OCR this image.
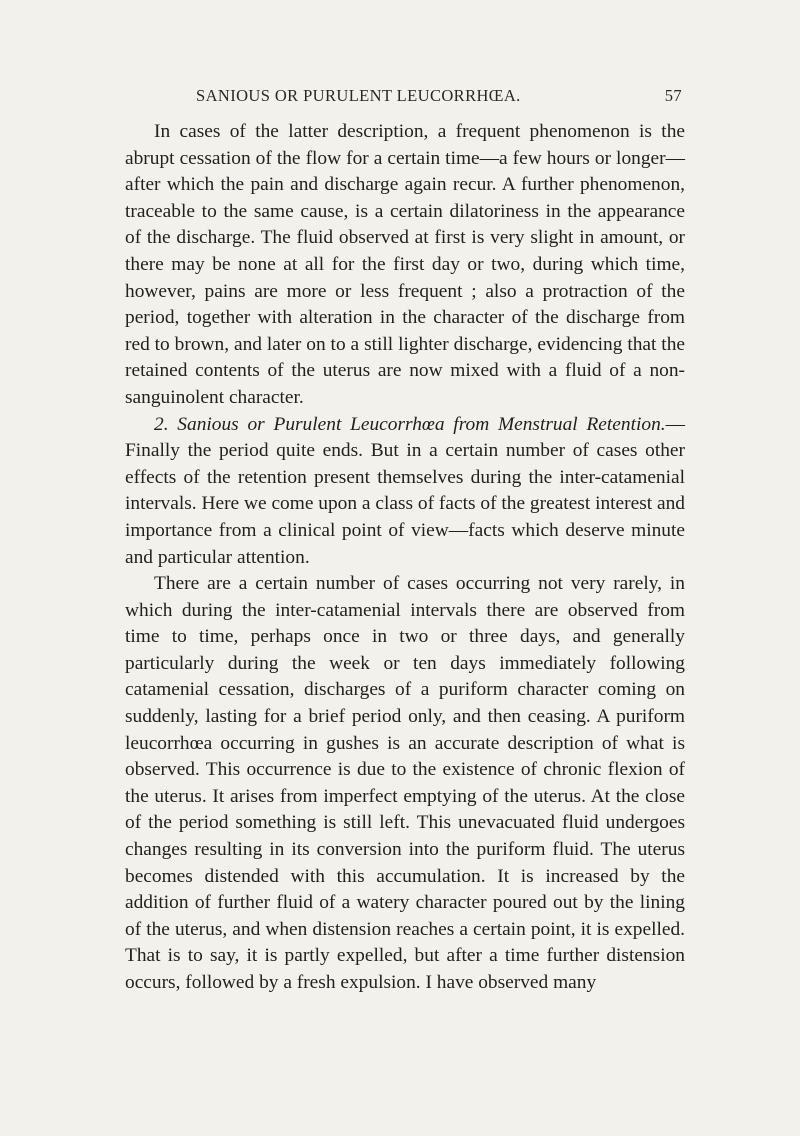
SANIOUS OR PURULENT LEUCORRHŒA.	57

In cases of the latter description, a frequent phenomenon is the abrupt cessation of the flow for a certain time—a few hours or longer—after which the pain and discharge again recur. A further phenomenon, traceable to the same cause, is a certain dilatoriness in the appearance of the discharge. The fluid observed at first is very slight in amount, or there may be none at all for the first day or two, during which time, however, pains are more or less frequent ; also a protraction of the period, together with alteration in the character of the discharge from red to brown, and later on to a still lighter discharge, evidencing that the retained contents of the uterus are now mixed with a fluid of a non-sanguinolent character.

2. Sanious or Purulent Leucorrhœa from Menstrual Retention.—Finally the period quite ends. But in a certain number of cases other effects of the retention present themselves during the inter-catamenial intervals. Here we come upon a class of facts of the greatest interest and importance from a clinical point of view—facts which deserve minute and particular attention.

There are a certain number of cases occurring not very rarely, in which during the inter-catamenial intervals there are observed from time to time, perhaps once in two or three days, and generally particularly during the week or ten days immediately following catamenial cessation, discharges of a puriform character coming on suddenly, lasting for a brief period only, and then ceasing. A puriform leucorrhœa occurring in gushes is an accurate description of what is observed. This occurrence is due to the existence of chronic flexion of the uterus. It arises from imperfect emptying of the uterus. At the close of the period something is still left. This unevacuated fluid undergoes changes resulting in its conversion into the puriform fluid. The uterus becomes distended with this accumulation. It is increased by the addition of further fluid of a watery character poured out by the lining of the uterus, and when distension reaches a certain point, it is expelled. That is to say, it is partly expelled, but after a time further distension occurs, followed by a fresh expulsion. I have observed many
